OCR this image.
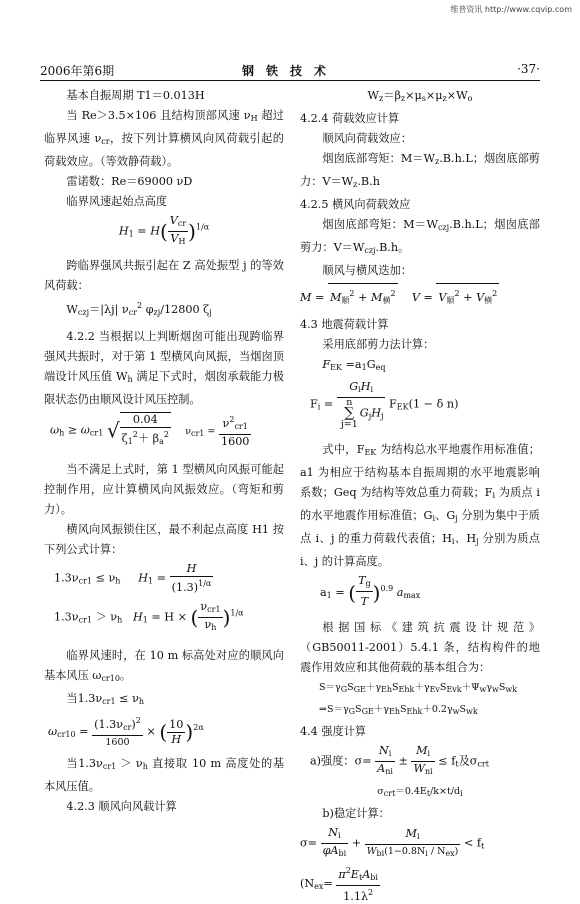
维普资讯 http://www.cqvip.com
2006年第6期	钢铁技术	·37·

基本自振周期 T1＝0.013H

当 Re＞3.5×106 且结构顶部风速 $\nu_H$ 超过临界风速 $\nu_{cr}$，按下列计算横风向风荷载引起的荷载效应。（等效静荷载）。

雷诺数：Re＝69000 νD

临界风速起始点高度

$H_1 = H( \frac{V_{cr}}{V_H} )^{1/\alpha}$

跨临界强风共振引起在 Z 高处振型 j 的等效风荷载：

$W_{czj}=|\lambda j|$ $\nu_{cr}^2$ $\varphi_{zj}/12800$ $\zeta_j$

4.2.2 当根据以上判断烟囱可能出现跨临界强风共振时，对于第 1 型横风向风振，当烟囱顶端设计风压值 $W_h$ 满足下式时，烟囱承载能力极限状态仍由顺风设计风压控制。

$\omega_h \ge \omega_{cr1}$ √ $\frac{0.04}{\zeta_1^2+ \beta_a^2} \nu_{cr1} = \frac{\nu^2_{cr1}}{1600}$

当不满足上式时，第 1 型横风向风振可能起控制作用，应计算横风向风振效应。（弯矩和剪力）。

横风向风振锁住区，最不利起点高度 H1 按下列公式计算：

$1.3\nu_{cr1} \le \nu_h$ $H_1 = \frac{H}{(1.3)^{1/\alpha}}$
$1.3\nu_{cr1} > \nu_h$ $H_1 = H$ × ( $\frac{\nu_{cr1}}{\nu_h} )^{1/\alpha}$

临界风速时，在 10 m 标高处对应的顺风向基本风压 $\omega_{cr10}$。

当$1.3\nu_{cr1} \le \nu_h$

$\omega_{cr10} = \frac{(1.3\nu_{cr})^2}{1600}$ × ( $\frac{10}{H} )^{2\alpha}$

当$1.3\nu_{cr1} > \nu_h$ 直接取 10 m 高度处的基本风压值。

4.2.3 顺风向风载计算

$W_z=\beta_z\times\mu_s\times\mu_z\times W_o$

4.2.4 荷载效应计算

顺风向荷载效应：

烟囱底部弯矩：$M=W_z.B.h.L$；烟囱底部剪力：$V=W_z.B.h$

4.2.5 横风向荷载效应

烟囱底部弯矩：$M=W_{czj}.B.h.L$；烟囱底部剪力：$V=W_{czj}.B.h$。

顺风与横风迭加：

$M = M_顺^2 + M_横^2$ $V = V_顺^2 + V_横^2$

4.3 地震荷载计算

采用底部剪力法计算：

$F_{EK} =a_1G_{eq}$

$F_i = G_iH_i$
n
∑
j=1
$G_jH_j$ $F_{EK}(1 - \delta$ n)

式中，$F_{EK}$ 为结构总水平地震作用标准值；a1 为相应于结构基本自振周期的水平地震影响系数；Geq 为结构等效总重力荷载；$F_i$ 为质点 i 的水平地震作用标准值；$G_i$、$G_j$ 分别为集中于质点 i、j 的重力荷载代表值；$H_i$、$H_j$ 分别为质点 i、j 的计算高度。

$a_1$ = ( $\frac{T_g}{T})^{0.9}$ $a_{max}$

根据国标《建筑抗震设计规范》（GB50011-2001）5.4.1 条，结构构件的地震作用效应和其他荷载的基本组合为：

$S=\gamma_GS_{GE}+\gamma_{Eh}S_{Ehk}+\gamma_{Ev}S_{Evk}+\Psi_w\gamma_wS_{wk}$

$\Rightarrow S=\gamma_GS_{GE}+\gamma_{Eh}S_{Ehk}+0.2\gamma_wS_{wk}$

4.4 强度计算

a)强度：$\sigma= \frac{N_i}{A_{ni}} \pm \frac{M_i}{W_{ni}} \le f_t$及$\sigma_{crt}$

$\sigma_{crt}=0.4E_t/k\times t/d_i$

b)稳定计算：

$\sigma= \frac{N_i}{\varphi A_{bi}} + \frac{M_i}{W_{bi}(1-0.8N_i / N_{ex})} < f_t$
($N_{ex}= \frac{\pi^2E_tA_{bi}}{1.1\lambda^2}$
